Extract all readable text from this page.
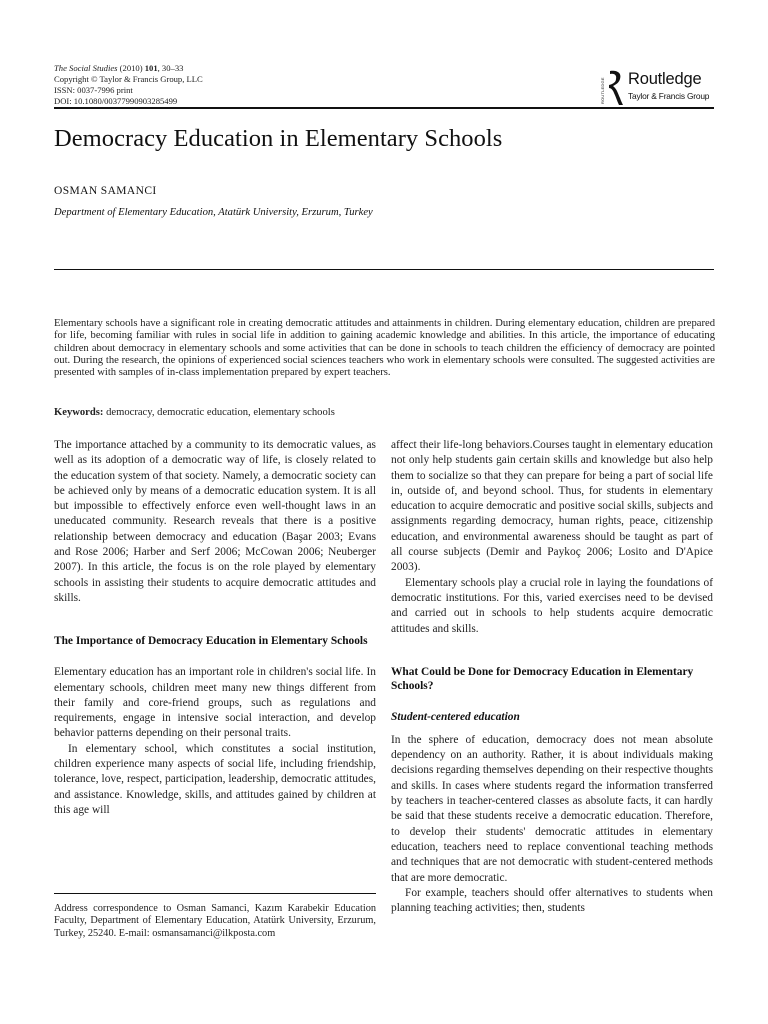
The Social Studies (2010) 101, 30–33
Copyright © Taylor & Francis Group, LLC
ISSN: 0037-7996 print
DOI: 10.1080/00377990903285499	ROUTLEDGE Routledge
Taylor & Francis Group
Democracy Education in Elementary Schools
OSMAN SAMANCI
Department of Elementary Education, Atatürk University, Erzurum, Turkey
Elementary schools have a significant role in creating democratic attitudes and attainments in children. During elementary education, children are prepared for life, becoming familiar with rules in social life in addition to gaining academic knowledge and abilities. In this article, the importance of educating children about democracy in elementary schools and some activities that can be done in schools to teach children the efficiency of democracy are pointed out. During the research, the opinions of experienced social sciences teachers who work in elementary schools were consulted. The suggested activities are presented with samples of in-class implementation prepared by expert teachers.
Keywords: democracy, democratic education, elementary schools

The importance attached by a community to its democratic values, as well as its adoption of a democratic way of life, is closely related to the education system of that society. Namely, a democratic society can be achieved only by means of a democratic education system. It is all but impossible to effectively enforce even well-thought laws in an uneducated community. Research reveals that there is a positive relationship between democracy and education (Başar 2003; Evans and Rose 2006; Harber and Serf 2006; McCowan 2006; Neuberger 2007). In this article, the focus is on the role played by elementary schools in assisting their students to acquire democratic attitudes and skills.

The Importance of Democracy Education in Elementary Schools

Elementary education has an important role in children's social life. In elementary schools, children meet many new things different from their family and core-friend groups, such as regulations and requirements, engage in intensive social interaction, and develop behavior patterns depending on their personal traits.

In elementary school, which constitutes a social institution, children experience many aspects of social life, including friendship, tolerance, love, respect, participation, leadership, democratic attitudes, and assistance. Knowledge, skills, and attitudes gained by children at this age will

affect their life-long behaviors.Courses taught in elementary education not only help students gain certain skills and knowledge but also help them to socialize so that they can prepare for being a part of social life in, outside of, and beyond school. Thus, for students in elementary education to acquire democratic and positive social skills, subjects and assignments regarding democracy, human rights, peace, citizenship education, and environmental awareness should be taught as part of all course subjects (Demir and Paykoç 2006; Losito and D'Apice 2003).

Elementary schools play a crucial role in laying the foundations of democratic institutions. For this, varied exercises need to be devised and carried out in schools to help students acquire democratic attitudes and skills.

What Could be Done for Democracy Education in Elementary Schools?
Student-centered education

In the sphere of education, democracy does not mean absolute dependency on an authority. Rather, it is about individuals making decisions regarding themselves depending on their respective thoughts and skills. In cases where students regard the information transferred by teachers in teacher-centered classes as absolute facts, it can hardly be said that these students receive a democratic education. Therefore, to develop their students' democratic attitudes in elementary education, teachers need to replace conventional teaching methods and techniques that are not democratic with student-centered methods that are more democratic.

For example, teachers should offer alternatives to students when planning teaching activities; then, students

Address correspondence to Osman Samanci, Kazım Karabekir Education Faculty, Department of Elementary Education, Atatürk University, Erzurum, Turkey, 25240. E-mail: osmansamanci@ilkposta.com
